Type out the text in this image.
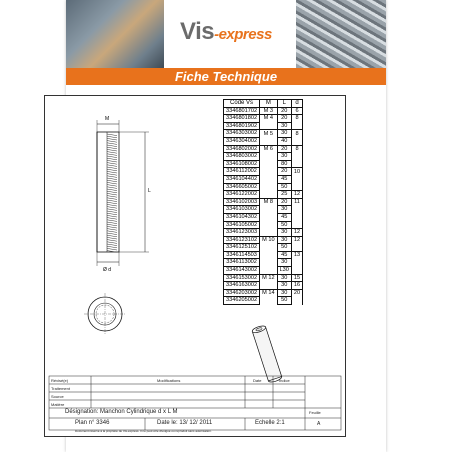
Vis-express
Fiche Technique
M
L
Ø d
Code Vs	M	L	d
3346801702	M 3	20	6
3346801802	M 4	20	8
3346801902		30	
3346303002	M 5	30	8
3346304002		40	
3346802002	M 6	20	8
3346803002		30	
3346108002		80	
3346112002		20	10
3346104402		45	
3346605002		50	
3346122002		25	12
3346102003	M 8	20	11
3346103002		30	
3346104302		45	
3346105002		50	
3346123003		30	12
3346123102	M 10	30	12
3346125102		50	
3346114503		45	13
3346113002		30	
3346143002		L30	
3346153002	M 12	30	15
3346163002		30	16
3346203002	M 14	30	20
3346205002		50	
Révisé(e)
Traitement
Source
Matière
Modifications	Date	Indice
Désignation: Manchon Cylindrique d x L M
Plan n° 3346	Date le: 13/ 12/ 2011	Echelle 2:1
Feuille
A
Document réservé à la propriété de Vis-express. Il ne peut être divulgué ou reproduit sans autorisation.
